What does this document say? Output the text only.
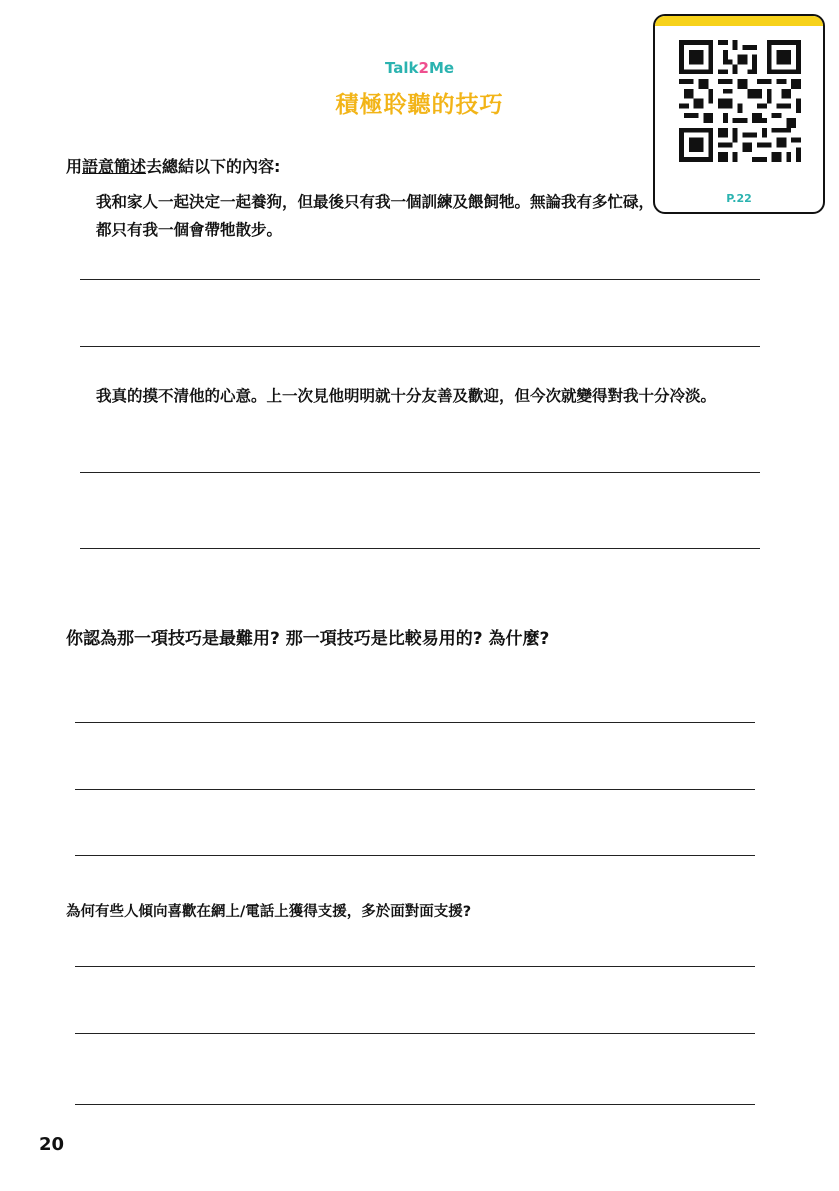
Talk2Me
積極聆聽的技巧
P.22
用語意簡述去總結以下的內容:
我和家人一起決定一起養狗，但最後只有我一個訓練及餵飼牠。無論我有多忙碌，都只有我一個會帶牠散步。
我真的摸不清他的心意。上一次見他明明就十分友善及歡迎，但今次就變得對我十分冷淡。
你認為那一項技巧是最難用? 那一項技巧是比較易用的? 為什麼?
為何有些人傾向喜歡在網上/電話上獲得支援，多於面對面支援?
20
